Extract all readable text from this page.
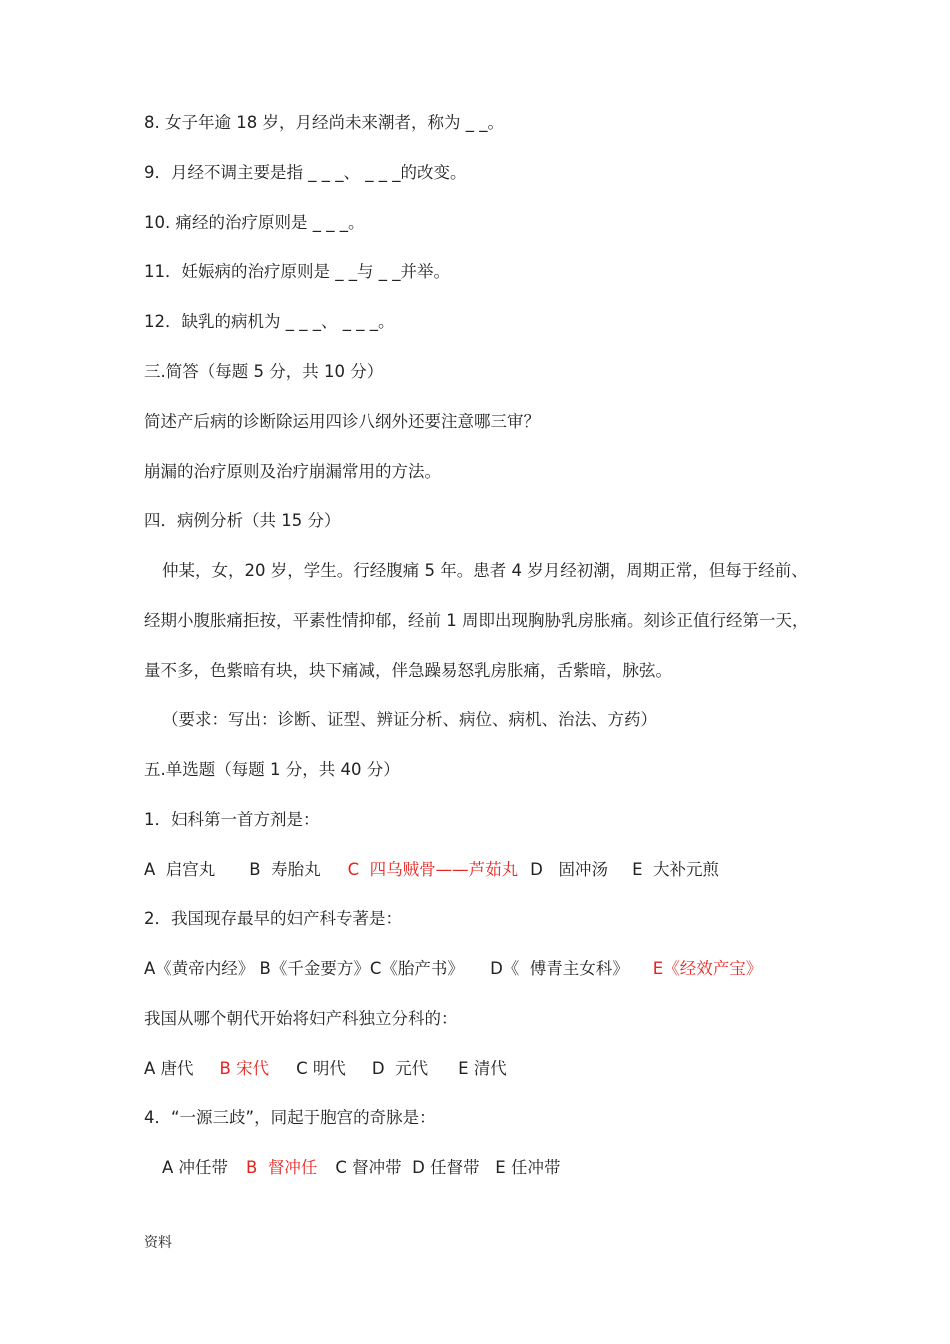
8. 女子年逾 18 岁，月经尚未来潮者，称为 _ _。
9．月经不调主要是指 _ _ _、 _ _ _的改变。
10. 痛经的治疗原则是 _ _ _。
11．妊娠病的治疗原则是 _ _与 _ _并举。
12．缺乳的病机为 _ _ _、 _ _ _。
三.简答（每题 5 分，共 10 分）
简述产后病的诊断除运用四诊八纲外还要注意哪三审？
崩漏的治疗原则及治疗崩漏常用的方法。
四．病例分析（共 15 分）
仲某，女，20 岁，学生。行经腹痛 5 年。患者 4 岁月经初潮，周期正常，但每于经前、
经期小腹胀痛拒按，平素性情抑郁，经前 1 周即出现胸胁乳房胀痛。刻诊正值行经第一天，
量不多，色紫暗有块，块下痛减，伴急躁易怒乳房胀痛，舌紫暗，脉弦。
（要求：写出：诊断、证型、辨证分析、病位、病机、治法、方药）
五.单选题（每题 1 分，共 40 分）
1．妇科第一首方剂是：
A  启宫丸 B  寿胎丸 C  四乌贼骨——芦茹丸 D   固冲汤 E  大补元煎
2．我国现存最早的妇产科专著是：
A《黄帝内经》 B《千金要方》C《胎产书》     D《  傅青主女科》 E《经效产宝》
我国从哪个朝代开始将妇产科独立分科的：
A 唐代 B 宋代 C 明代 D  元代 E 清代
4．“一源三歧”，同起于胞宫的奇脉是：
A 冲任带 B  督冲任 C 督冲带  D 任督带   E 任冲带
资料
